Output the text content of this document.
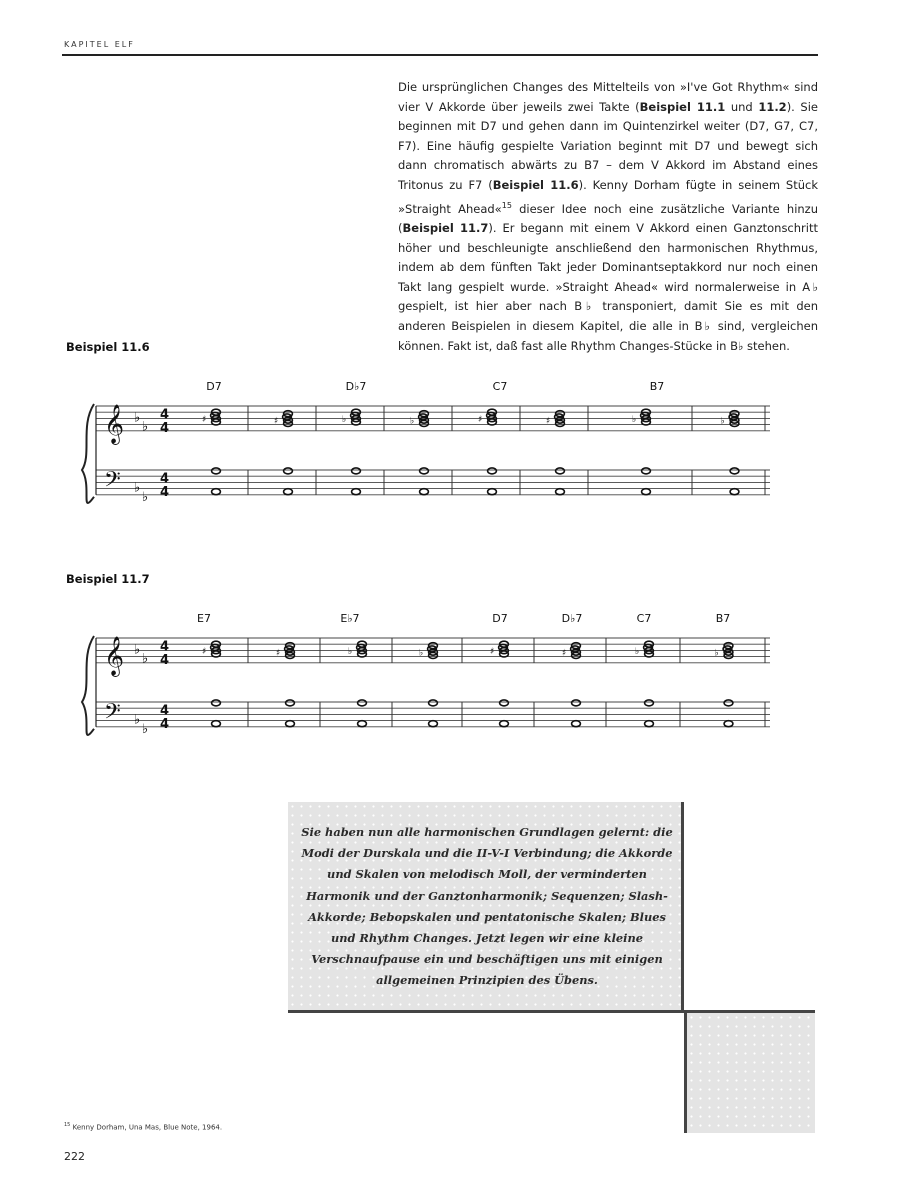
KAPITEL ELF

Die ursprünglichen Changes des Mittelteils von »I've Got Rhythm« sind vier V Akkorde über jeweils zwei Takte (Beispiel 11.1 und 11.2). Sie beginnen mit D7 und gehen dann im Quintenzirkel weiter (D7, G7, C7, F7). Eine häufig gespielte Variation beginnt mit D7 und bewegt sich dann chromatisch abwärts zu B7 – dem V Akkord im Abstand eines Tritonus zu F7 (Beispiel 11.6). Kenny Dorham fügte in seinem Stück »Straight Ahead«$^{15}$ dieser Idee noch eine zusätzliche Variante hinzu (Beispiel 11.7). Er begann mit einem V Akkord einen Ganztonschritt höher und beschleunigte anschließend den harmonischen Rhythmus, indem ab dem fünften Takt jeder Dominantseptakkord nur noch einen Takt lang gespielt wurde. »Straight Ahead« wird normalerweise in A♭ gespielt, ist hier aber nach B♭ transponiert, damit Sie es mit den anderen Beispielen in diesem Kapitel, die alle in B♭ sind, vergleichen können. Fakt ist, daß fast alle Rhythm Changes-Stücke in B♭ stehen.

Beispiel 11.6
𝄞
𝄢
♭
♭
♭
♭
4
4
4
4
D7	D♭7	C7	B7
♯	♯	♭	♭	♯	♯	♭	♭
Beispiel 11.7
𝄞
𝄢
♭
♭
♭
♭
4
4
4
4
E7	E♭7	D7	D♭7	C7	B7
♯	♯	♭	♭	♯	♯	♭	♭
Sie haben nun alle harmonischen Grundlagen gelernt: die Modi der Durskala und die II-V-I Verbindung; die Akkorde und Skalen von melodisch Moll, der verminderten Harmonik und der Ganztonharmonik; Sequenzen; Slash-Akkorde; Bebopskalen und pentatonische Skalen; Blues und Rhythm Changes. Jetzt legen wir eine kleine Verschnaufpause ein und beschäftigen uns mit einigen allgemeinen Prinzipien des Übens.
$^{15}$ Kenny Dorham, Una Mas, Blue Note, 1964.
222
